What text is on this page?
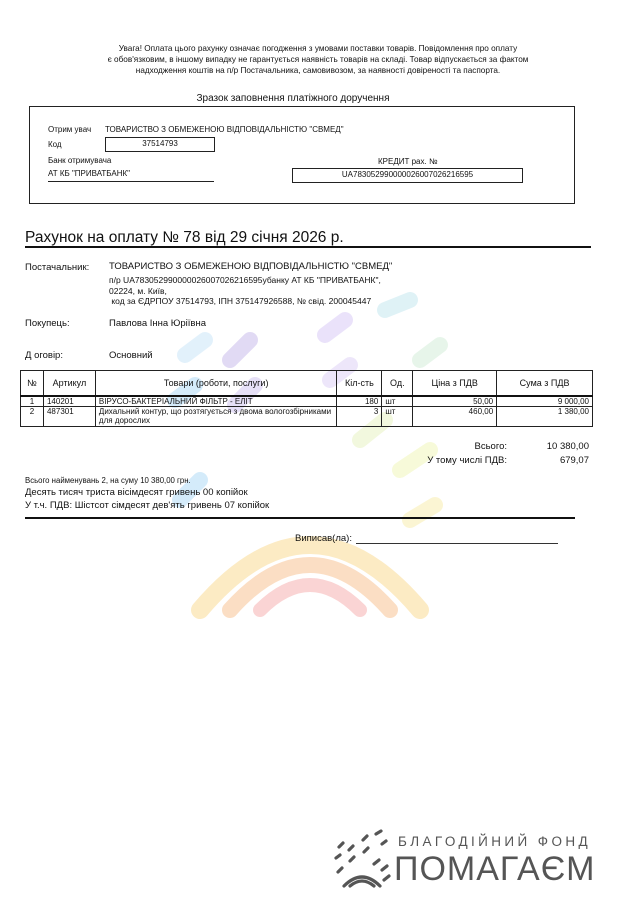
Увага! Оплата цього рахунку означає погодження з умовами поставки товарів. Повідомлення про оплату
є обов'язковим, в іншому випадку не гарантується наявність товарів на складі. Товар відпускається за фактом
надходження коштів на п/р Постачальника, самовивозом, за наявності довіреності та паспорта.
Зразок заповнення платіжного доручення
Отрим увач ТОВАРИСТВО З ОБМЕЖЕНОЮ ВІДПОВІДАЛЬНІСТЮ "СВМЕД"
Код	37514793
Банк отримувача
АТ КБ "ПРИВАТБАНК"
КРЕДИТ рах. №
UA783052990000026007026216595
Рахунок на оплату № 78 від 29 січня 2026 р.
Постачальник: ТОВАРИСТВО З ОБМЕЖЕНОЮ ВІДПОВІДАЛЬНІСТЮ "СВМЕД"
п/р UA783052990000026007026216595убанку АТ КБ "ПРИВАТБАНК",
02224, м. Київ,
код за ЄДРПОУ 37514793, ІПН 375147926588, № свід. 200045447
Покупець:	Павлова Інна Юріївна
Д оговір:	Основний
№	Артикул	Товари (роботи, послуги)	Кіл-сть	Од.	Ціна з ПДВ	Сума з ПДВ
1	140201	ВІРУСО-БАКТЕРІАЛЬНИЙ ФІЛЬТР - ЕЛІТ	180	шт	50,00	9 000,00
2	487301	Дихальний контур, що розтягується з двома вологозбірниками для дорослих	3	шт	460,00	1 380,00
Всього:	10 380,00
У тому числі ПДВ:	679,07
Всього найменувань 2, на суму 10 380,00 грн.
Десять тисяч триста вісімдесят гривень 00 копійок
У т.ч. ПДВ: Шістсот сімдесят дев'ять гривень 07 копійок
Виписав(ла):
БЛАГОДІЙНИЙ ФОНД
ПОМАГАЄМ
